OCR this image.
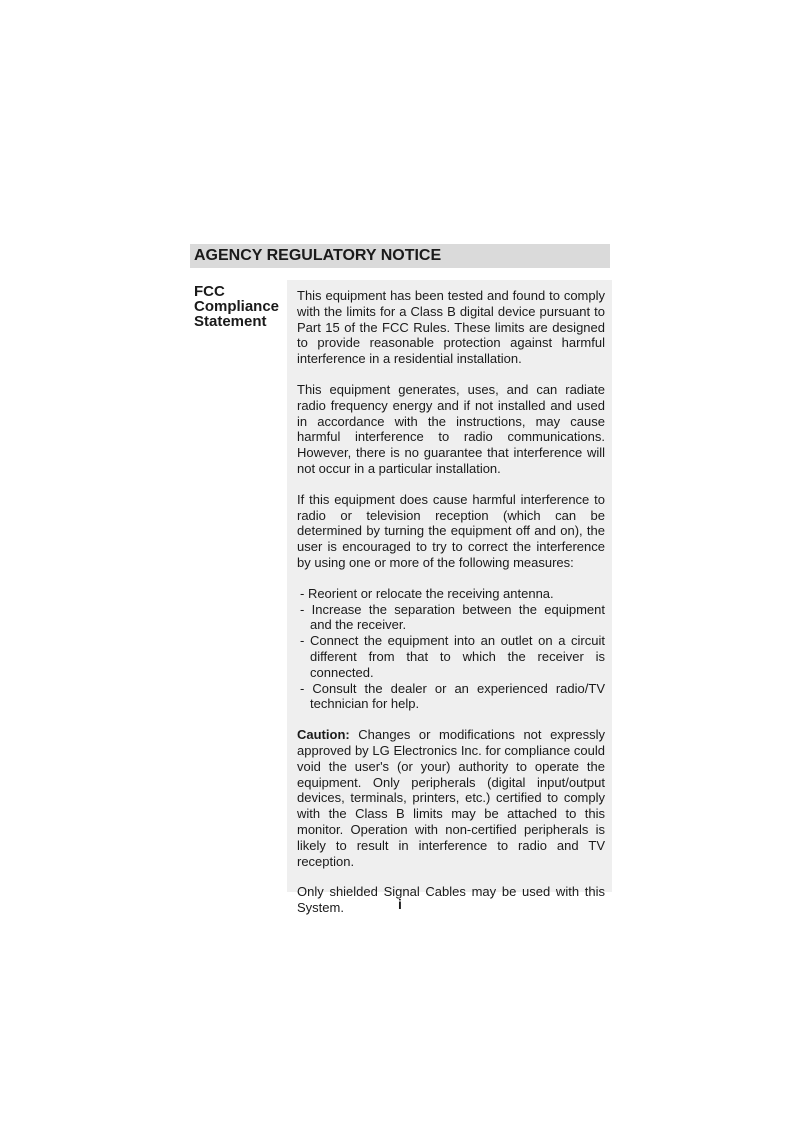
AGENCY REGULATORY NOTICE
FCC
Compliance
Statement

This equipment has been tested and found to comply with the limits for a Class B digital device pursuant to Part 15 of the FCC Rules. These limits are designed to provide reasonable protection against harmful interference in a residential installation.

This equipment generates, uses, and can radiate radio frequency energy and if not installed and used in accordance with the instructions, may cause harmful interference to radio communications. However, there is no guarantee that interference will not occur in a particular installation.

If this equipment does cause harmful interference to radio or television reception (which can be determined by turning the equipment off and on), the user is encouraged to try to correct the interference by using one or more of the following measures:

- Reorient or relocate the receiving antenna.
- Increase the separation between the equipment and the receiver.
- Connect the equipment into an outlet on a circuit different from that to which the receiver is connected.
- Consult the dealer or an experienced radio/TV technician for help.

Caution: Changes or modifications not expressly approved by LG Electronics Inc. for compliance could void the user's (or your) authority to operate the equipment. Only peripherals (digital input/output devices, terminals, printers, etc.) certified to comply with the Class B limits may be attached to this monitor. Operation with non-certified peripherals is likely to result in interference to radio and TV reception.

Only shielded Signal Cables may be used with this System.	i
